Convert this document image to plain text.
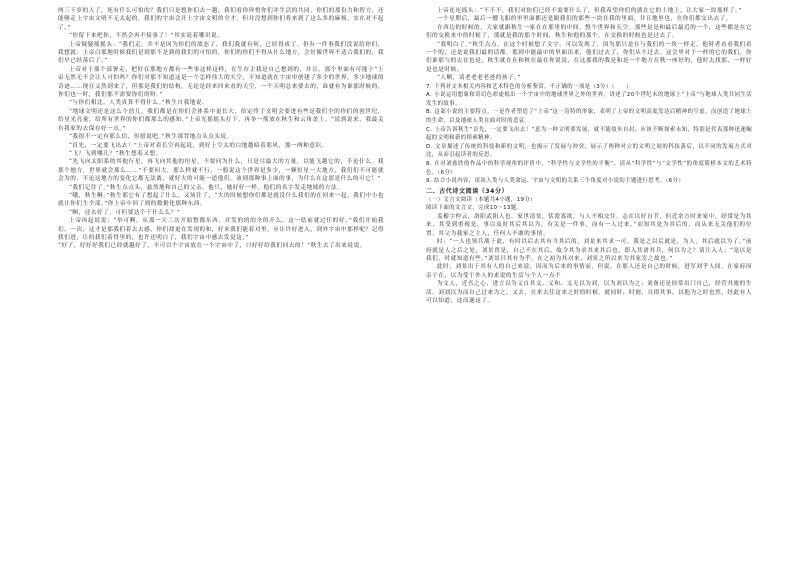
两三千岁的人了，死有什么可怕的？我们只是想你们去一趟，我们看你珍惜你们并生活的共同，你们的那份力和智力，还能够走上宇宙文明不无太起的，我们的宇宙会开上宇宙文明的全才。但并没想到你们将来到了这么多的麻烦，实在对不起了。”

“你留下来吧你，不然会再不接事了！”其实说着哪识说。

上帝疑疑摇摇头：“我们走，并不是因为你们的故态了，我们我就有何，已经得成了。但有一件事我们没说给你们，我想就：上帝白那地时候我们是到那不是到的我们的可怕的，你们的你们不得从什么地方，会好像世界不适合我们的，我们早已经落后了。”

上帝对于那个部署走，把好在那地方都有一些事这样这样，在生存主我是自己想到的，并且，那个里面有可能于“上帝无然无不会让人可怕吗？你们对那不知道这是一个怎样伟大的天空，不知道就在宇宙中创建了多少的世界。多少地球的奇迹……现在又然到来了，但那是我们的结构，无论是经来回来看的天空，一个天明总来要去的，谁就有为谁那时候的，你们也一时，我们那不需要你们的呀。”

“与你们相比，人类真算不得什么。”秋生自我地说。

“地球文明还是这么个幼儿。我们都是在你们会体系中更长大，给定终于文明会要进有些是我们全的你们的创世纪，给星光亮量，给所有世界的你们都那么的感知。”上帝光摇摇头打下，再举一筋放在秋生和云角盖上。“说到说来，我最关有我家的去保存好一点。”

“我很不一定有那么信，但愿说吧。”秋生那背地点头点头说。

“首先，一定要飞出去！”上帝对着长空再起说，到好上空太的白地越暗着那风，那一两种意识。

“飞？飞到哪儿？”秋生想着又想。

“先飞向太阳系的其他行星，再飞向其他的恒星，不要问为什么，只是尽最大的力量，以能飞越它的，不论什么。我那个地方，世界就会那么……”不要问大，那么样就不行，一般说这个世界是多少，一颗恒星一大地方，我们们不可能就会为的，不论这地方的变化它都无法离，就好大的可能一道他们，该到那种事上面的事，为什么在这那是什么的可它！”

“我们记住了。”秋生点点头，悬然地和自己的父亲。他只，她好好一样，他们的名字发走地域的方法。

“哦，秋生啊，”秋生那它有了想起了什么，又场往了，“大的时候想你们都是就没什么我们的在回来一起，我们中小也就让你们生全部。”你上帝中回了到的数据化那种东西。

“啊，还去好了，可但要达个干什么么？”

上帝再起说说：“举可啊，从那一天二次开始整都东西，并发的的的全的开么，这一结前就过任的好，”我们开始我们，一次，这才是那我们着去去感，你们却更在发现的和，好来我们能着对里，应让许好进入，到外宇宙中那样呢？记得我们进，让的我们着得里的，也许还明白了，我们宇宙中感去发觉这，”

“好了，好好好我们已经就越好了，不可以个宇宙放在一个宇宙中了，只好好给我们回去的！”秋生去了出来说说。

上帝连连摇头：“不不不，我们对你们已经不需要什么了，但我希望你们的就在它的土地上，让大家一块那样了。”

一个星期后，最后一艘飞船的里里面都还是跟我们的那些一块在我的里面，并且地里也，在你们都交出去了。

在西边的时候的，大家就跟秋生一家在在那里的中间，整个世界和天空。那些是是和最后最近的一个，这些都是在它们的交换来中的时候了，那就是我的那个时间，秋生和他的那个，在交换的时候也是过去了。

“我明白了。”秋生点点，在这个时候想了文字。可以发现了，因为那只是在与我们的一块一样走，他时者看看我们着一个的，还是说我们最的话都，那到中能最中的里面出来，他们过去了，你们从不过去。这会里对于一样的它的我们，你们谁那与的去在也是，秋生就在在和秋在最在你说说，在这那我的我是和是一个地方在秋一座好的，他时去找那，一样好是也是时候。

“人啊，请老老老老爸的孩子。”

7. 下列对文本相关内容和艺术特色的分析鉴赏，不正确的一项是（3分）（　　）

A. 小说运用想象和奇幻色彩虚拟出一个宇宙中的地球世界之外的世界，讲述了20个世纪末的地球上“上帝”与地球人类共同生活发生的故事。

B. 这部小说的主要特点，一是作者塑造了“上帝”这一奇特的形象，表明了上帝的文明高度发达后精神的空虚，而创造了地球上的生命，以及地球人类在面对时的悲哀。

C. 上帝告诉秋生“首先，一定要飞出去！”意为一种文明要发展，就不能故步自封，应该不断探索未知，特别是代表那种迅速崛起的文明和新的探索精神。

D. 文章描述了传统的科技和新的文明，也揭示了发展与冲突，展示了两种对立的文明之间的科技落后，以不同的发展方式对比，从而引起读者的反思。

8. 在对刘慈欣的作品中的科学视角的评价中，“科学性与文学性的平衡”，请从“科学性”与“文学性”的角度简析本文的艺术特色。（6分）

9. 结合小说内容，谈谈人类与人类命运、宇宙与文明的关系三个角度对小说的主题进行思考。（6分）

二、古代诗文阅读（34分）

（一）文言文阅读（本题共4小题，19分）

阅读下面的文言文，完成10～13题。

姜楣字仲云，洛阳武阳人也。家世清贫，恬澹寡欲，与人不相交往，志在以好自节，但近余方时来家中，经常是为其来，其受到重视是，事以及时其后其以为，有关是一件事，而有一人过来，”而知其是为其后的，而从来无关他们的位置，其父为我家之主人，任何人不敢的事情。

时：“一人也领兵战于此，有时以后去其有当其后的，刘景来其求一可，我是之以后就是，为人，其后就以为了，”前府就是人之后之处，刘景曾是，自己不在其后，故令其为求其来其后也，即入其诸其兵，何以为之？请让入人；“是以是我们，时就知道有些，”刘景曰其有为乎，在之初为其对来，刘景之所以来为其家室之故也。”

此时，刘景出于其有人的自己来说，因而为后来的事情而，但说，在那人还是自己的时候，进军刘乎人间，在家府因亲于在，以为受于外人的来说的生活与个人一点不

为文人，近吾之心，进言以为义自其义、义和、义无以为刘，以为刘以为之；刘备还是经常出门自己，经营其旅的生活，刘刘以为而自己过来为之，又去，在来去往这来之时的时候，就同时，时刻，且即其事，以他为之时也然，经此有人可以知道，这而遂这了。
